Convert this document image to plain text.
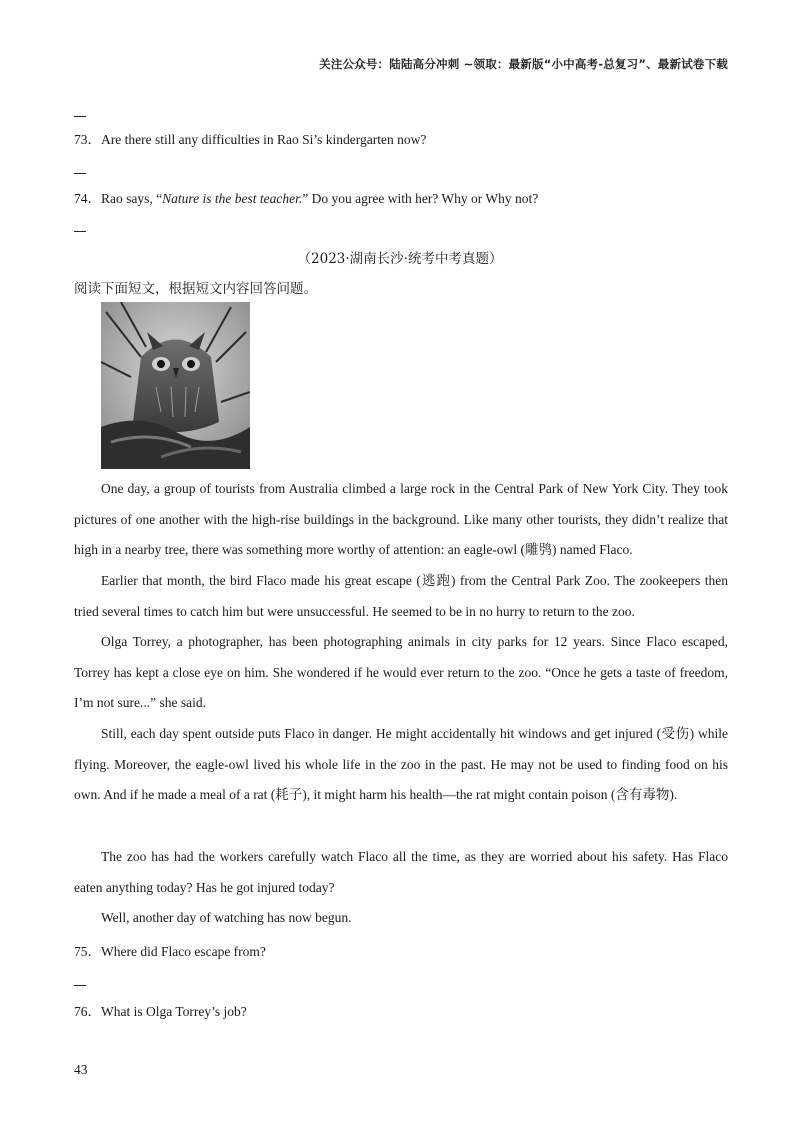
关注公众号：陆陆高分冲刺 ~领取：最新版“小中高考-总复习”、最新试卷下载
73．Are there still any difficulties in Rao Si’s kindergarten now?
74．Rao says, “Nature is the best teacher.” Do you agree with her? Why or Why not?
（2023·湖南长沙·统考中考真题）
阅读下面短文，根据短文内容回答问题。

One day, a group of tourists from Australia climbed a large rock in the Central Park of New York City. They took pictures of one another with the high-rise buildings in the background. Like many other tourists, they didn’t realize that high in a nearby tree, there was something more worthy of attention: an eagle-owl (雕鸮) named Flaco.

Earlier that month, the bird Flaco made his great escape (逃跑) from the Central Park Zoo. The zookeepers then tried several times to catch him but were unsuccessful. He seemed to be in no hurry to return to the zoo.

Olga Torrey, a photographer, has been photographing animals in city parks for 12 years. Since Flaco escaped, Torrey has kept a close eye on him. She wondered if he would ever return to the zoo. “Once he gets a taste of freedom, I’m not sure...” she said.

Still, each day spent outside puts Flaco in danger. He might accidentally hit windows and get injured (受伤) while flying. Moreover, the eagle-owl lived his whole life in the zoo in the past. He may not be used to finding food on his own. And if he made a meal of a rat (耗子), it might harm his health—the rat might contain poison (含有毒物).

The zoo has had the workers carefully watch Flaco all the time, as they are worried about his safety. Has Flaco eaten anything today? Has he got injured today?

Well, another day of watching has now begun.

75．Where did Flaco escape from?
76．What is Olga Torrey’s job?
43
